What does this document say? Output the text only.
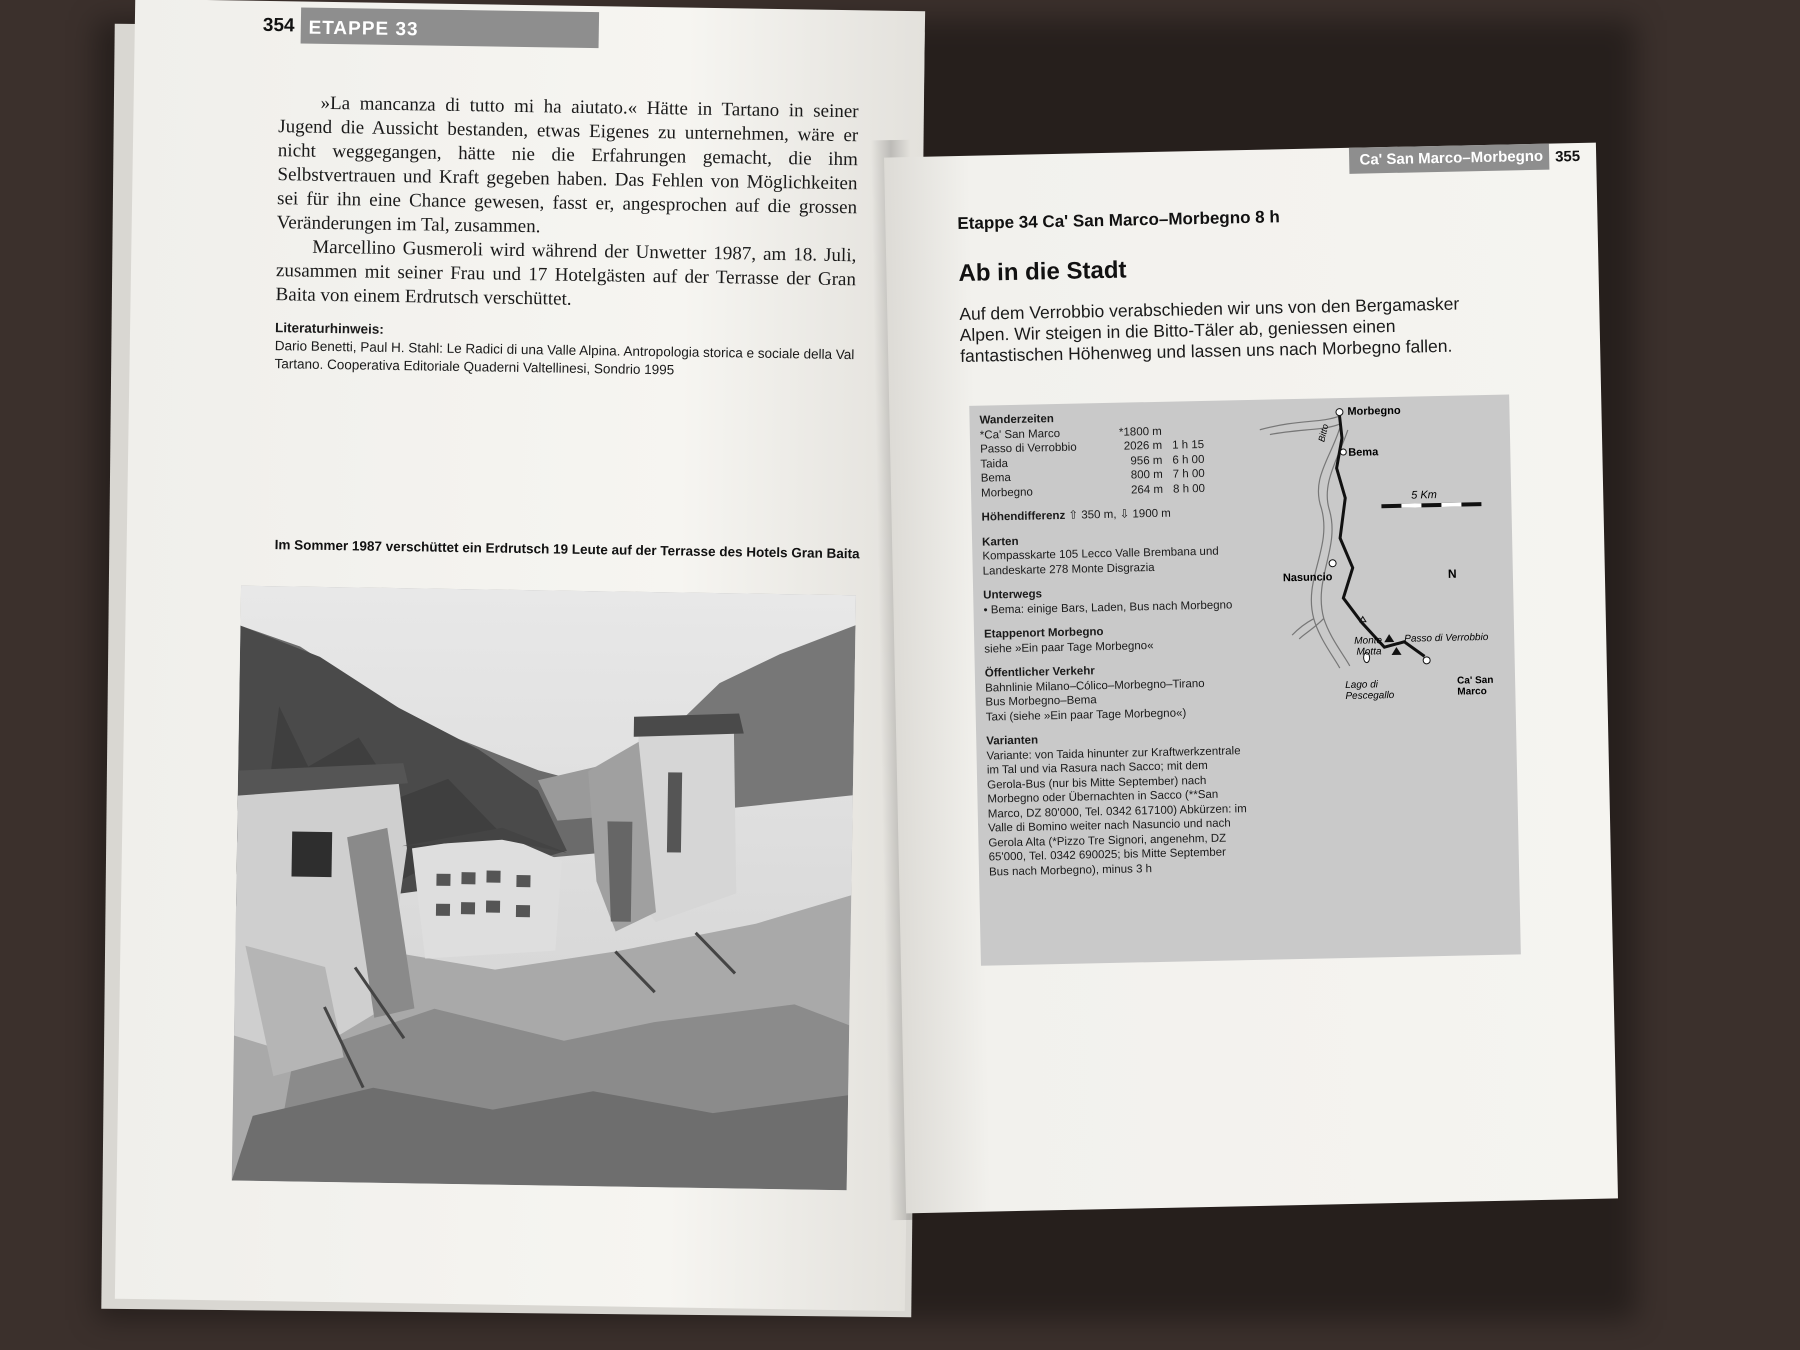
354 ETAPPE 33

»La mancanza di tutto mi ha aiutato.« Hätte in Tartano in seiner Jugend die Aussicht bestanden, etwas Eigenes zu unternehmen, wäre er nicht weggegangen, hätte nie die Erfahrungen gemacht, die ihm Selbstvertrauen und Kraft gegeben haben. Das Fehlen von Möglichkeiten sei für ihn eine Chance gewesen, fasst er, angesprochen auf die grossen Veränderungen im Tal, zusammen.

Marcellino Gusmeroli wird während der Unwetter 1987, am 18. Juli, zusammen mit seiner Frau und 17 Hotelgästen auf der Terrasse der Gran Baita von einem Erdrutsch verschüttet.

Literaturhinweis:
Dario Benetti, Paul H. Stahl: Le Radici di una Valle Alpina. Antropologia storica e sociale della Val Tartano. Cooperativa Editoriale Quaderni Valtellinesi, Sondrio 1995
Im Sommer 1987 verschüttet ein Erdrutsch 19 Leute auf der Terrasse des Hotels Gran Baita
Ca' San Marco–Morbegno 355
Etappe 34 Ca' San Marco–Morbegno 8 h
Ab in die Stadt
Auf dem Verrobbio verabschieden wir uns von den Bergamasker Alpen. Wir steigen in die Bitto-Täler ab, geniessen einen fantastischen Höhenweg und lassen uns nach Morbegno fallen.
Wanderzeiten
*Ca' San Marco	*1800 m
Passo di Verrobbio	2026 m 1 h 15
Taida	956 m 6 h 00
Bema	800 m 7 h 00
Morbegno	264 m 8 h 00
Höhendifferenz ⇧ 350 m, ⇩ 1900 m
Karten
Kompasskarte 105 Lecco Valle Brembana und Landeskarte 278 Monte Disgrazia
Unterwegs
• Bema: einige Bars, Laden, Bus nach Morbegno
Etappenort Morbegno
siehe »Ein paar Tage Morbegno«
Öffentlicher Verkehr
Bahnlinie Milano–Cólico–Morbegno–Tirano
Bus Morbegno–Bema
Taxi (siehe »Ein paar Tage Morbegno«)
Varianten
Variante: von Taida hinunter zur Kraftwerkzentrale im Tal und via Rasura nach Sacco; mit dem Gerola-Bus (nur bis Mitte September) nach Morbegno oder Übernachten in Sacco (**San Marco, DZ 80'000, Tel. 0342 617100) Abkürzen: im Valle di Bomino weiter nach Nasuncio und nach Gerola Alta (*Pizzo Tre Signori, angenehm, DZ 65'000, Tel. 0342 690025; bis Mitte September Bus nach Morbegno), minus 3 h
Morbegno
Bitto
Bema
5 Km
N
Nasuncio
Monte
Motta
Passo di Verrobbio
Lago di
Pescegallo
Ca' San
Marco
